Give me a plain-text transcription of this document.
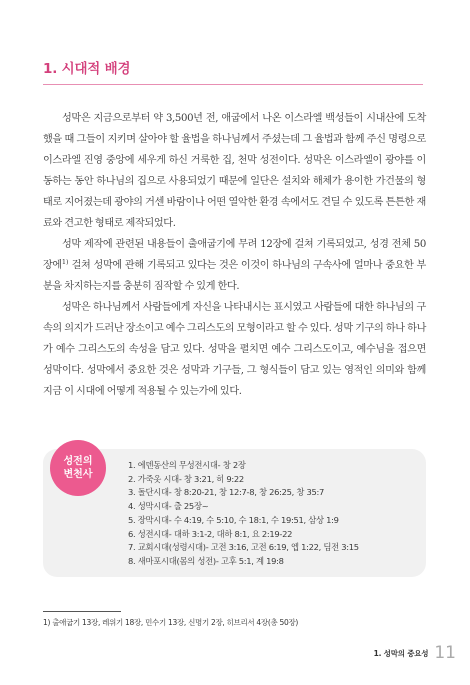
1. 시대적 배경

성막은 지금으로부터 약 3,500년 전, 애굽에서 나온 이스라엘 백성들이 시내산에 도착했을 때 그들이 지키며 살아야 할 율법을 하나님께서 주셨는데 그 율법과 함께 주신 명령으로 이스라엘 진영 중앙에 세우게 하신 거룩한 집, 천막 성전이다. 성막은 이스라엘이 광야를 이동하는 동안 하나님의 집으로 사용되었기 때문에 일단은 설치와 해체가 용이한 가건물의 형태로 지어졌는데 광야의 거센 바람이나 어떤 열악한 환경 속에서도 견딜 수 있도록 튼튼한 재료와 견고한 형태로 제작되었다.

성막 제작에 관련된 내용들이 출애굽기에 무려 12장에 걸쳐 기록되었고, 성경 전체 50장에$^{1)}$ 걸쳐 성막에 관해 기록되고 있다는 것은 이것이 하나님의 구속사에 얼마나 중요한 부분을 차지하는지를 충분히 짐작할 수 있게 한다.

성막은 하나님께서 사람들에게 자신을 나타내시는 표시였고 사람들에 대한 하나님의 구속의 의지가 드러난 장소이고 예수 그리스도의 모형이라고 할 수 있다. 성막 기구의 하나 하나가 예수 그리스도의 속성을 담고 있다. 성막을 펼치면 예수 그리스도이고, 예수님을 접으면 성막이다. 성막에서 중요한 것은 성막과 기구들, 그 형식들이 담고 있는 영적인 의미와 함께 지금 이 시대에 어떻게 적용될 수 있는가에 있다.

성전의
변천사
1. 에덴동산의 무성전시대- 창 2장
2. 가죽옷 시대- 창 3:21, 히 9:22
3. 돌단시대- 창 8:20-21, 창 12:7-8, 창 26:25, 창 35:7
4. 성막시대- 출 25장~
5. 장막시대- 수 4:19, 수 5:10, 수 18:1, 수 19:51, 삼상 1:9
6. 성전시대- 대하 3:1-2, 대하 8:1, 요 2:19-22
7. 교회시대(성령시대)- 고전 3:16, 고전 6:19, 엡 1:22, 딤전 3:15
8. 새마포시대(몸의 성전)- 고후 5:1, 계 19:8
1) 출애굽기 13장, 레위기 18장, 민수기 13장, 신명기 2장, 히브리서 4장(총 50장)
1. 성막의 중요성 11
